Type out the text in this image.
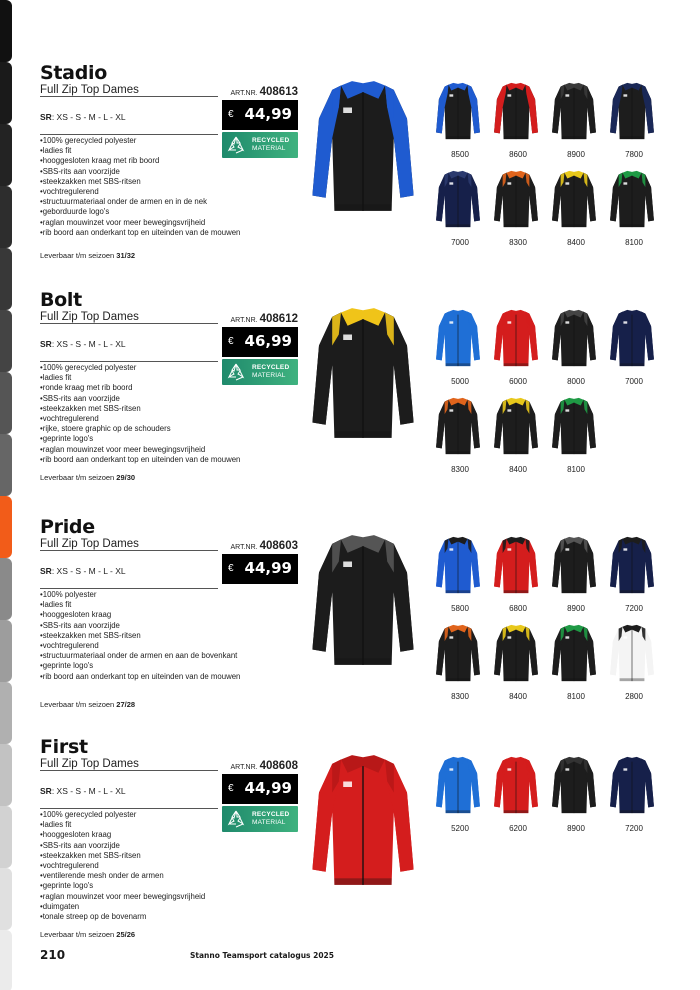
Stadio
Full Zip Top Dames	ART.NR. 408613
SR: XS - S - M - L - XL	€ 44,99
RECYCLED
MATERIAL
• 100% gerecycled polyester
• ladies fit
• hooggesloten kraag met rib boord
• SBS-rits aan voorzijde
• steekzakken met SBS-ritsen
• vochtregulerend
• structuurmateriaal onder de armen en in de nek
• geborduurde logo's
• raglan mouwinzet voor meer bewegingsvrijheid
• rib boord aan onderkant top en uiteinden van de mouwen
Leverbaar t/m seizoen 31/32
8500	8600	8900	7800
7000	8300	8400	8100
Bolt
Full Zip Top Dames	ART.NR. 408612
SR: XS - S - M - L - XL	€ 46,99
RECYCLED
MATERIAL
• 100% gerecycled polyester
• ladies fit
• ronde kraag met rib boord
• SBS-rits aan voorzijde
• steekzakken met SBS-ritsen
• vochtregulerend
• rijke, stoere graphic op de schouders
• geprinte logo's
• raglan mouwinzet voor meer bewegingsvrijheid
• rib boord aan onderkant top en uiteinden van de mouwen
Leverbaar t/m seizoen 29/30
5000	6000	8000	7000
8300	8400	8100
Pride
Full Zip Top Dames	ART.NR. 408603
SR: XS - S - M - L - XL	€ 44,99
• 100% polyester
• ladies fit
• hooggesloten kraag
• SBS-rits aan voorzijde
• steekzakken met SBS-ritsen
• vochtregulerend
• structuurmateriaal onder de armen en aan de bovenkant
• geprinte logo's
• rib boord aan onderkant top en uiteinden van de mouwen
Leverbaar t/m seizoen 27/28
5800	6800	8900	7200
8300	8400	8100	2800
First
Full Zip Top Dames	ART.NR. 408608
SR: XS - S - M - L - XL	€ 44,99
RECYCLED
MATERIAL
• 100% gerecycled polyester
• ladies fit
• hooggesloten kraag
• SBS-rits aan voorzijde
• steekzakken met SBS-ritsen
• vochtregulerend
• ventilerende mesh onder de armen
• geprinte logo's
• raglan mouwinzet voor meer bewegingsvrijheid
• duimgaten
• tonale streep op de bovenarm
Leverbaar t/m seizoen 25/26
5200	6200	8900	7200
210	Stanno Teamsport catalogus 2025
